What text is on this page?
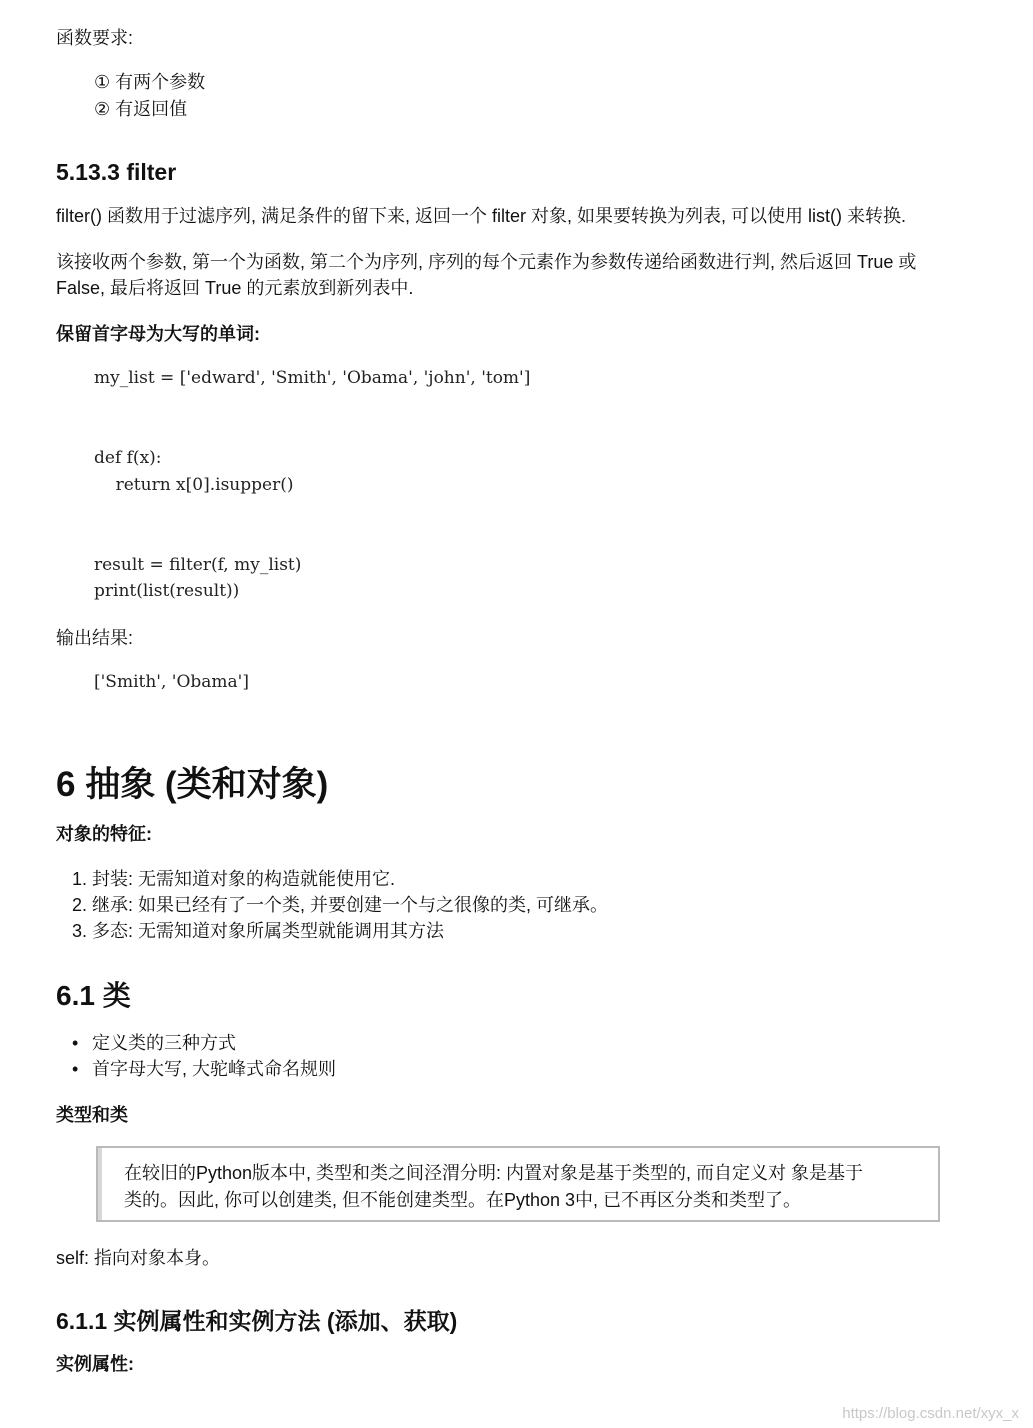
函数要求:
① 有两个参数
② 有返回值
5.13.3 filter
filter() 函数用于过滤序列, 满足条件的留下来, 返回一个 filter 对象, 如果要转换为列表, 可以使用 list() 来转换.
该接收两个参数, 第一个为函数, 第二个为序列, 序列的每个元素作为参数传递给函数进行判, 然后返回 True 或
False, 最后将返回 True 的元素放到新列表中.
保留首字母为大写的单词:
my_list = ['edward', 'Smith', 'Obama', 'john', 'tom']
def f(x):
return x[0].isupper()
result = filter(f, my_list)
print(list(result))
输出结果:
['Smith', 'Obama']
6 抽象 (类和对象)
对象的特征:
1. 封装: 无需知道对象的构造就能使用它.
2. 继承: 如果已经有了一个类, 并要创建一个与之很像的类, 可继承。
3. 多态: 无需知道对象所属类型就能调用其方法
6.1 类
• 定义类的三种方式
• 首字母大写, 大驼峰式命名规则
类型和类
在较旧的Python版本中, 类型和类之间泾渭分明: 内置对象是基于类型的, 而自定义对 象是基于
类的。因此, 你可以创建类, 但不能创建类型。在Python 3中, 已不再区分类和类型了。
self: 指向对象本身。
6.1.1 实例属性和实例方法 (添加、获取)
实例属性:
https://blog.csdn.net/xyx_x
